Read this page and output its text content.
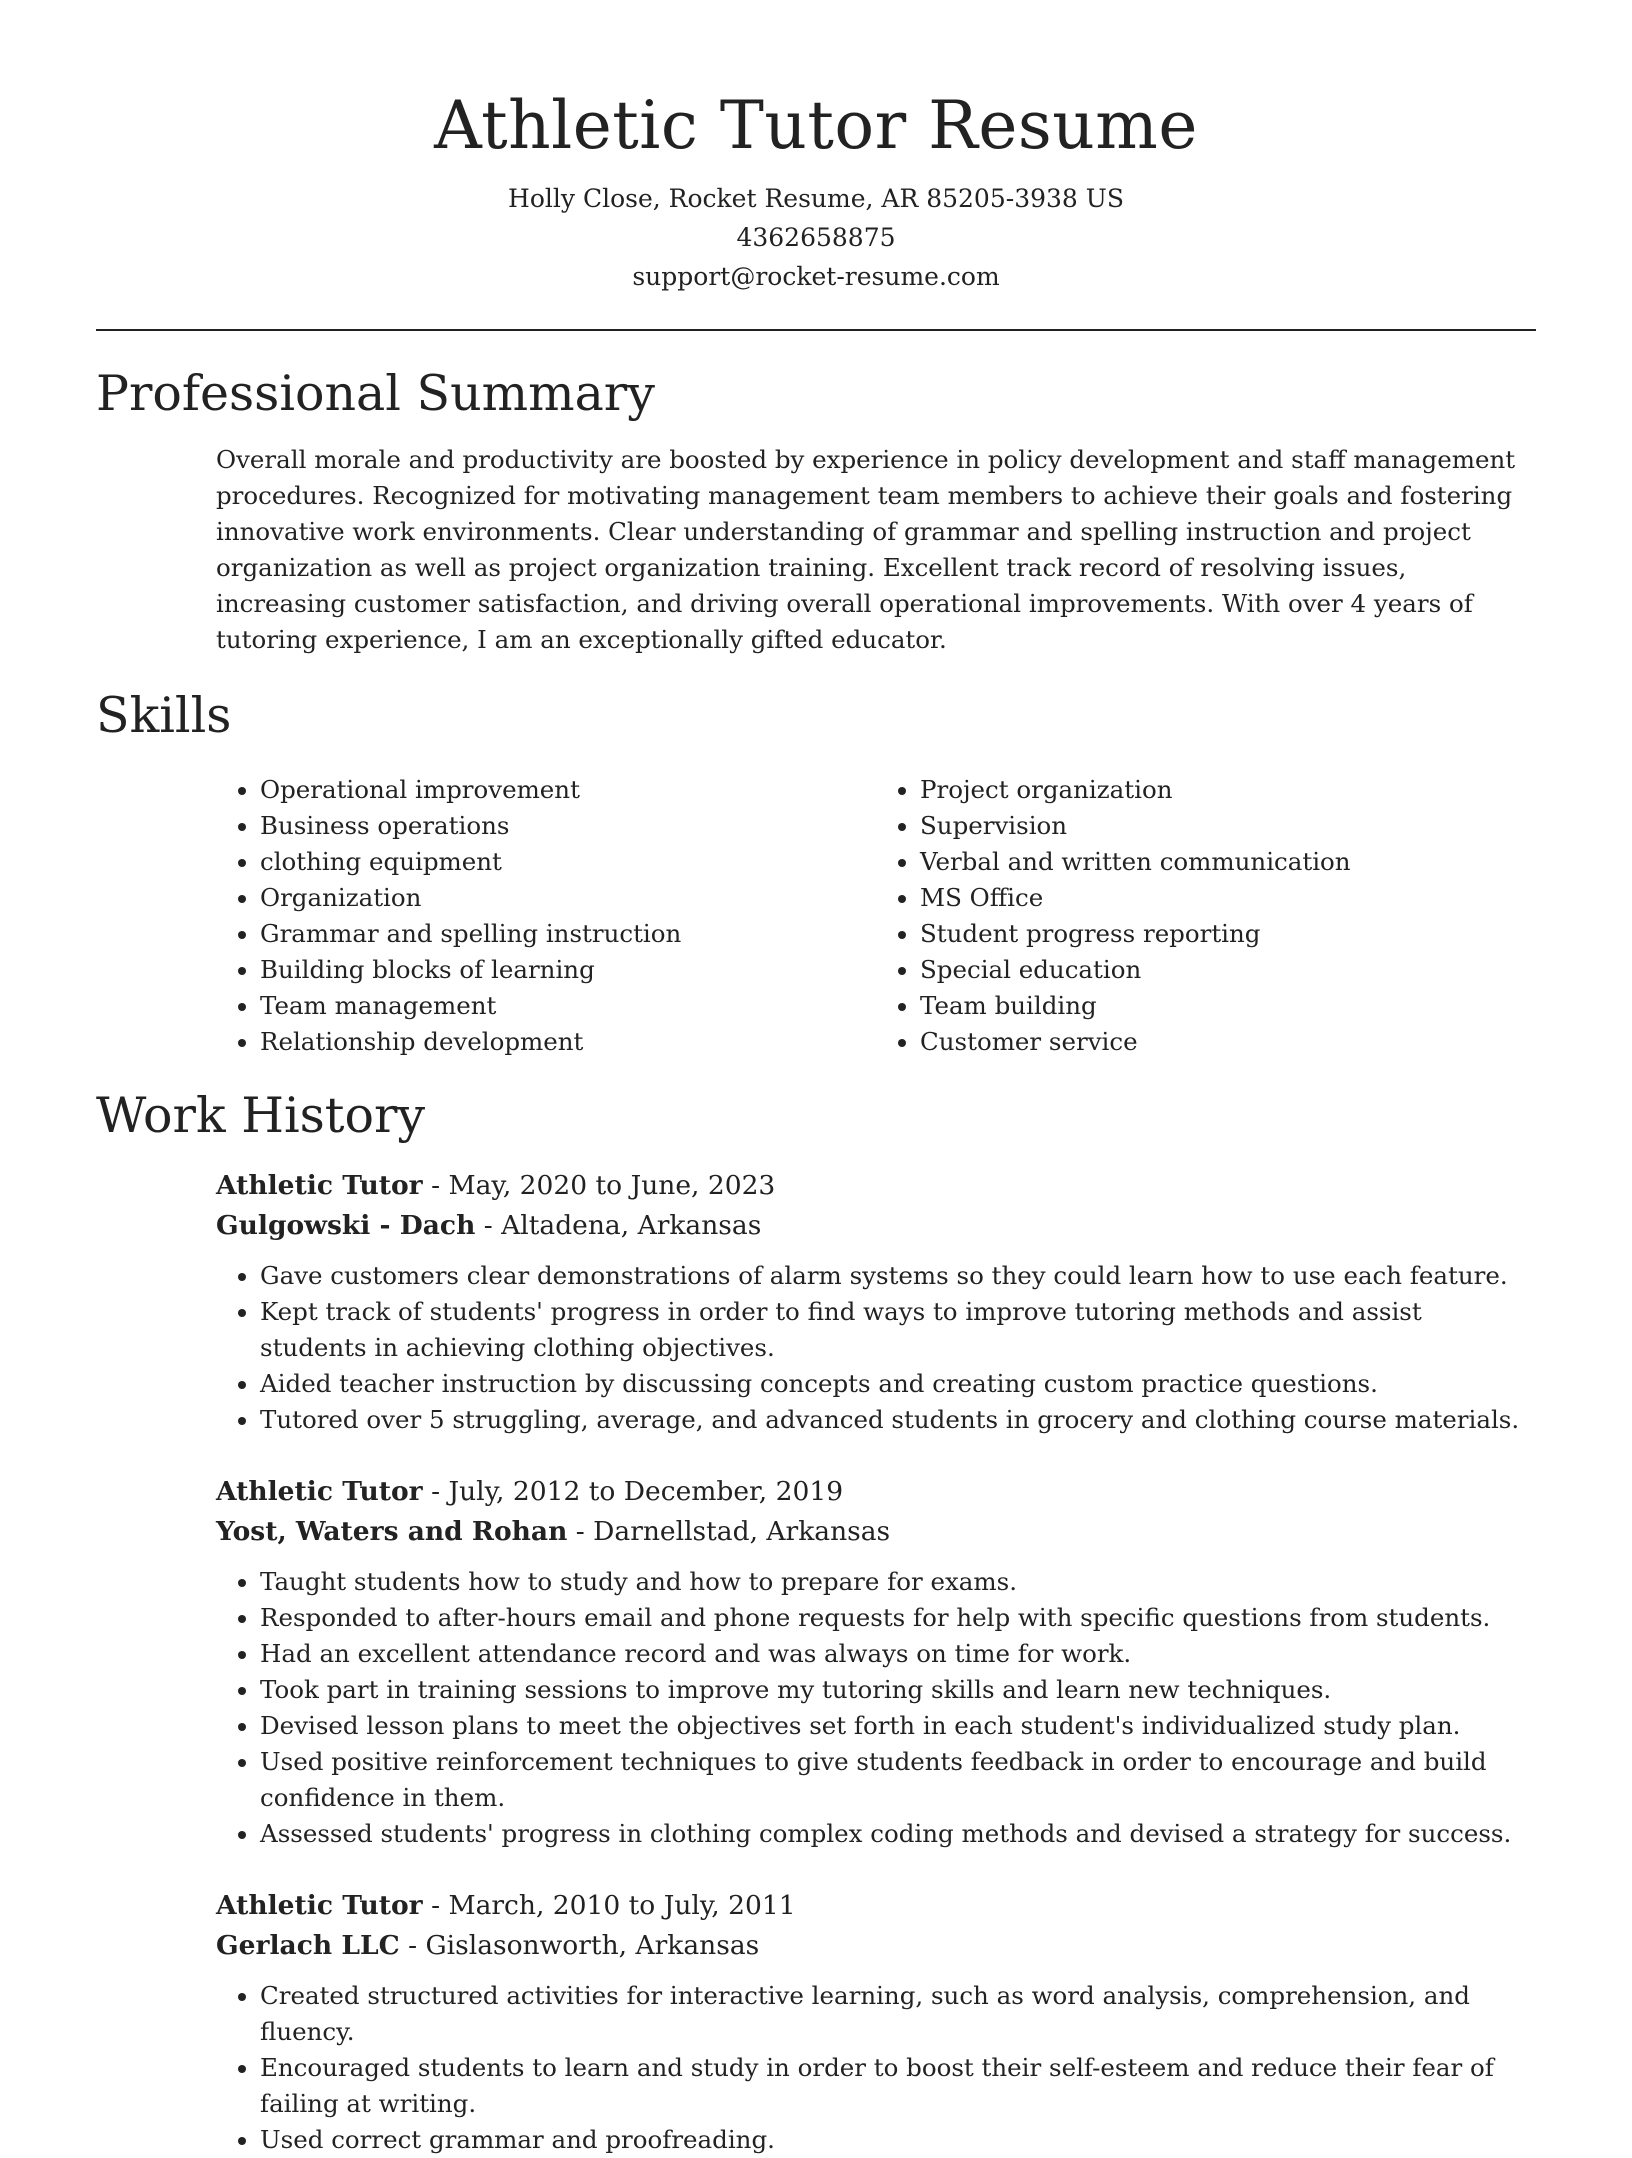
Athletic Tutor Resume
Holly Close, Rocket Resume, AR 85205-3938 US
4362658875
support@rocket-resume.com
Professional Summary
Overall morale and productivity are boosted by experience in policy development and staff management procedures. Recognized for motivating management team members to achieve their goals and fostering innovative work environments. Clear understanding of grammar and spelling instruction and project organization as well as project organization training. Excellent track record of resolving issues, increasing customer satisfaction, and driving overall operational improvements. With over 4 years of tutoring experience, I am an exceptionally gifted educator.
Skills
• Operational improvement
• Business operations
• clothing equipment
• Organization
• Grammar and spelling instruction
• Building blocks of learning
• Team management
• Relationship development
• Project organization
• Supervision
• Verbal and written communication
• MS Office
• Student progress reporting
• Special education
• Team building
• Customer service
Work History
Athletic Tutor - May, 2020 to June, 2023
Gulgowski - Dach - Altadena, Arkansas
• Gave customers clear demonstrations of alarm systems so they could learn how to use each feature.
• Kept track of students' progress in order to find ways to improve tutoring methods and assist students in achieving clothing objectives.
• Aided teacher instruction by discussing concepts and creating custom practice questions.
• Tutored over 5 struggling, average, and advanced students in grocery and clothing course materials.
Athletic Tutor - July, 2012 to December, 2019
Yost, Waters and Rohan - Darnellstad, Arkansas
• Taught students how to study and how to prepare for exams.
• Responded to after-hours email and phone requests for help with specific questions from students.
• Had an excellent attendance record and was always on time for work.
• Took part in training sessions to improve my tutoring skills and learn new techniques.
• Devised lesson plans to meet the objectives set forth in each student's individualized study plan.
• Used positive reinforcement techniques to give students feedback in order to encourage and build confidence in them.
• Assessed students' progress in clothing complex coding methods and devised a strategy for success.
Athletic Tutor - March, 2010 to July, 2011
Gerlach LLC - Gislasonworth, Arkansas
• Created structured activities for interactive learning, such as word analysis, comprehension, and fluency.
• Encouraged students to learn and study in order to boost their self-esteem and reduce their fear of failing at writing.
• Used correct grammar and proofreading.
